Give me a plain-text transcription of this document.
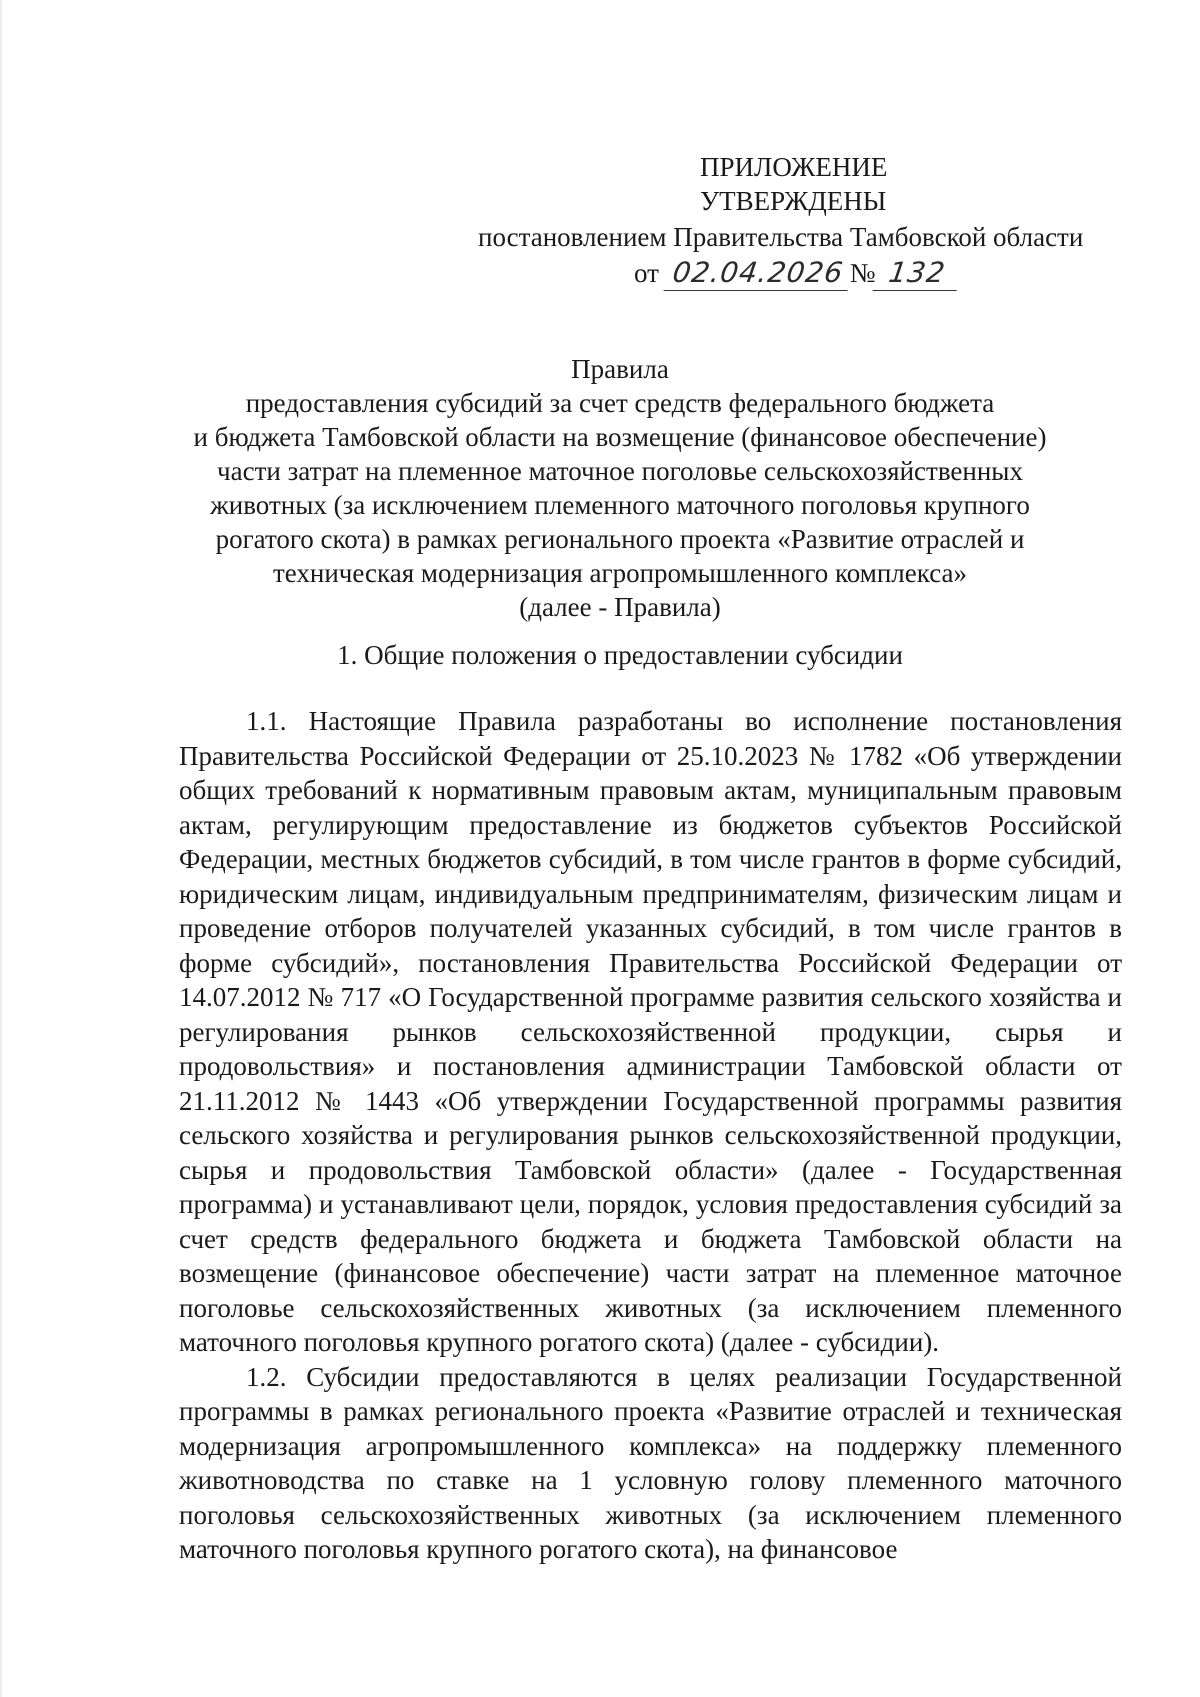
ПРИЛОЖЕНИЕ
УТВЕРЖДЕНЫ
постановлением Правительства Тамбовской области
от 02.04.2026 № 132
Правила
предоставления субсидий за счет средств федерального бюджета
и бюджета Тамбовской области на возмещение (финансовое обеспечение)
части затрат на племенное маточное поголовье сельскохозяйственных
животных (за исключением племенного маточного поголовья крупного
рогатого скота) в рамках регионального проекта «Развитие отраслей и
техническая модернизация агропромышленного комплекса»
(далее - Правила)
1. Общие положения о предоставлении субсидии

1.1. Настоящие Правила разработаны во исполнение постановления Правительства Российской Федерации от 25.10.2023 № 1782 «Об утверждении общих требований к нормативным правовым актам, муниципальным правовым актам, регулирующим предоставление из бюджетов субъектов Российской Федерации, местных бюджетов субсидий, в том числе грантов в форме субсидий, юридическим лицам, индивидуальным предпринимателям, физическим лицам и проведение отборов получателей указанных субсидий, в том числе грантов в форме субсидий», постановления Правительства Российской Федерации от 14.07.2012 № 717 «О Государственной программе развития сельского хозяйства и регулирования рынков сельскохозяйственной продукции, сырья и продовольствия» и постановления администрации Тамбовской области от 21.11.2012 № 1443 «Об утверждении Государственной программы развития сельского хозяйства и регулирования рынков сельскохозяйственной продукции, сырья и продовольствия Тамбовской области» (далее - Государственная программа) и устанавливают цели, порядок, условия предоставления субсидий за счет средств федерального бюджета и бюджета Тамбовской области на возмещение (финансовое обеспечение) части затрат на племенное маточное поголовье сельскохозяйственных животных (за исключением племенного маточного поголовья крупного рогатого скота) (далее - субсидии).

1.2. Субсидии предоставляются в целях реализации Государственной программы в рамках регионального проекта «Развитие отраслей и техническая модернизация агропромышленного комплекса» на поддержку племенного животноводства по ставке на 1 условную голову племенного маточного поголовья сельскохозяйственных животных (за исключением племенного маточного поголовья крупного рогатого скота), на финансовое
